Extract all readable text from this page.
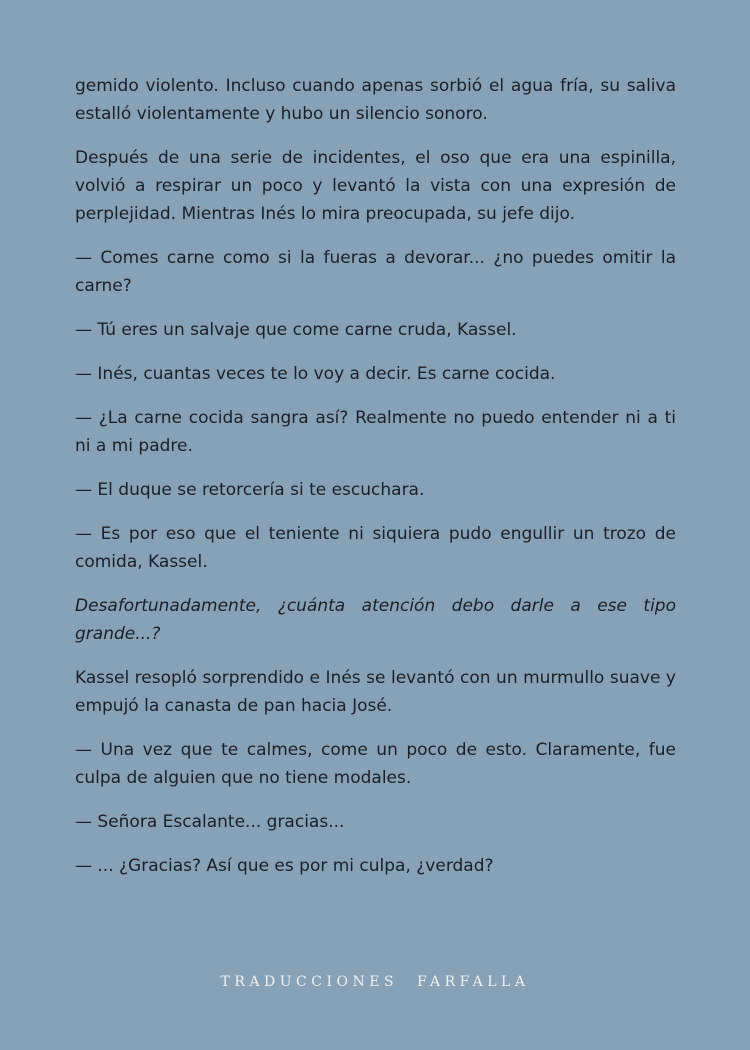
gemido violento. Incluso cuando apenas sorbió el agua fría, su saliva estalló violentamente y hubo un silencio sonoro.

Después de una serie de incidentes, el oso que era una espinilla, volvió a respirar un poco y levantó la vista con una expresión de perplejidad. Mientras Inés lo mira preocupada, su jefe dijo.

— Comes carne como si la fueras a devorar... ¿no puedes omitir la carne?

— Tú eres un salvaje que come carne cruda, Kassel.

— Inés, cuantas veces te lo voy a decir. Es carne cocida.

— ¿La carne cocida sangra así? Realmente no puedo entender ni a ti ni a mi padre.

— El duque se retorcería si te escuchara.

— Es por eso que el teniente ni siquiera pudo engullir un trozo de comida, Kassel.

Desafortunadamente, ¿cuánta atención debo darle a ese tipo grande...?

Kassel resopló sorprendido e Inés se levantó con un murmullo suave y empujó la canasta de pan hacia José.

— Una vez que te calmes, come un poco de esto. Claramente, fue culpa de alguien que no tiene modales.

— Señora Escalante... gracias...

— ... ¿Gracias? Así que es por mi culpa, ¿verdad?

TRADUCCIONES FARFALLA
